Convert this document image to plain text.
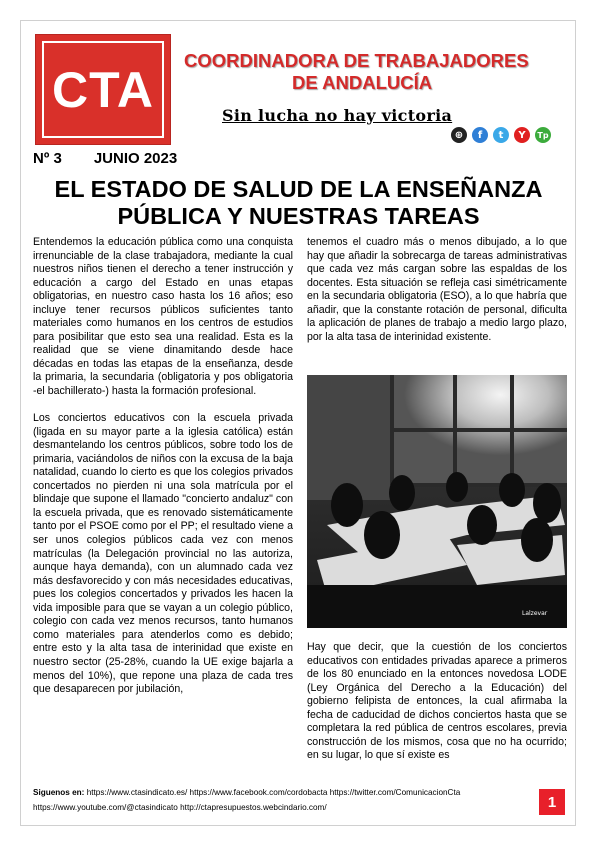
CTA
COORDINADORA DE TRABAJADORES
DE ANDALUCÍA
Sin lucha no hay victoria
⊕	f	t	Y	Tp
Nº 3 JUNIO 2023
EL ESTADO DE SALUD DE LA ENSEÑANZA
PÚBLICA Y NUESTRAS TAREAS

Entendemos la educación pública como una conquista irrenunciable de la clase trabajadora, mediante la cual nuestros niños tienen el derecho a tener instrucción y educación a cargo del Estado en unas etapas obligatorias, en nuestro caso hasta los 16 años; eso incluye tener recursos públicos suficientes tanto materiales como humanos en los centros de estudios para posibilitar que esto sea una realidad. Esta es la realidad que se viene dinamitando desde hace décadas en todas las etapas de la enseñanza, desde la primaria, la secundaria (obligatoria y pos obligatoria -el bachillerato-) hasta la formación profesional.

Los conciertos educativos con la escuela privada (ligada en su mayor parte a la iglesia católica) están desmantelando los centros públicos, sobre todo los de primaria, vaciándolos de niños con la excusa de la baja natalidad, cuando lo cierto es que los colegios privados concertados no pierden ni una sola matrícula por el blindaje que supone el llamado "concierto andaluz" con la escuela privada, que es renovado sistemáticamente tanto por el PSOE como por el PP; el resultado viene a ser unos colegios públicos cada vez con menos matrículas (la Delegación provincial no las autoriza, aunque haya demanda), con un alumnado cada vez más desfavorecido y con más necesidades educativas, pues los colegios concertados y privados les hacen la vida imposible para que se vayan a un colegio público, colegio con cada vez menos recursos, tanto humanos como materiales para atenderlos como es debido; entre esto y la alta tasa de interinidad que existe en nuestro sector (25-28%, cuando la UE exige bajarla a menos del 10%), que repone una plaza de cada tres que desaparecen por jubilación,

tenemos el cuadro más o menos dibujado, a lo que hay que añadir la sobrecarga de tareas administrativas que cada vez más cargan sobre las espaldas de los docentes. Esta situación se refleja casi simétricamente en la secundaria obligatoria (ESO), a lo que habría que añadir, que la constante rotación de personal, dificulta la aplicación de planes de trabajo a medio largo plazo, por la alta tasa de interinidad existente.

Lalzevar

Hay que decir, que la cuestión de los conciertos educativos con entidades privadas aparece a primeros de los 80 enunciado en la entonces novedosa LODE (Ley Orgánica del Derecho a la Educación) del gobierno felipista de entonces, la cual afirmaba la fecha de caducidad de dichos conciertos hasta que se completara la red pública de centros escolares, previa construcción de los mismos, cosa que no ha ocurrido; en su lugar, lo que sí existe es

Siguenos en: https://www.ctasindicato.es/ https://www.facebook.com/cordobacta https://twitter.com/ComunicacionCta
https://www.youtube.com/@ctasindicato http://ctapresupuestos.webcindario.com/	1
